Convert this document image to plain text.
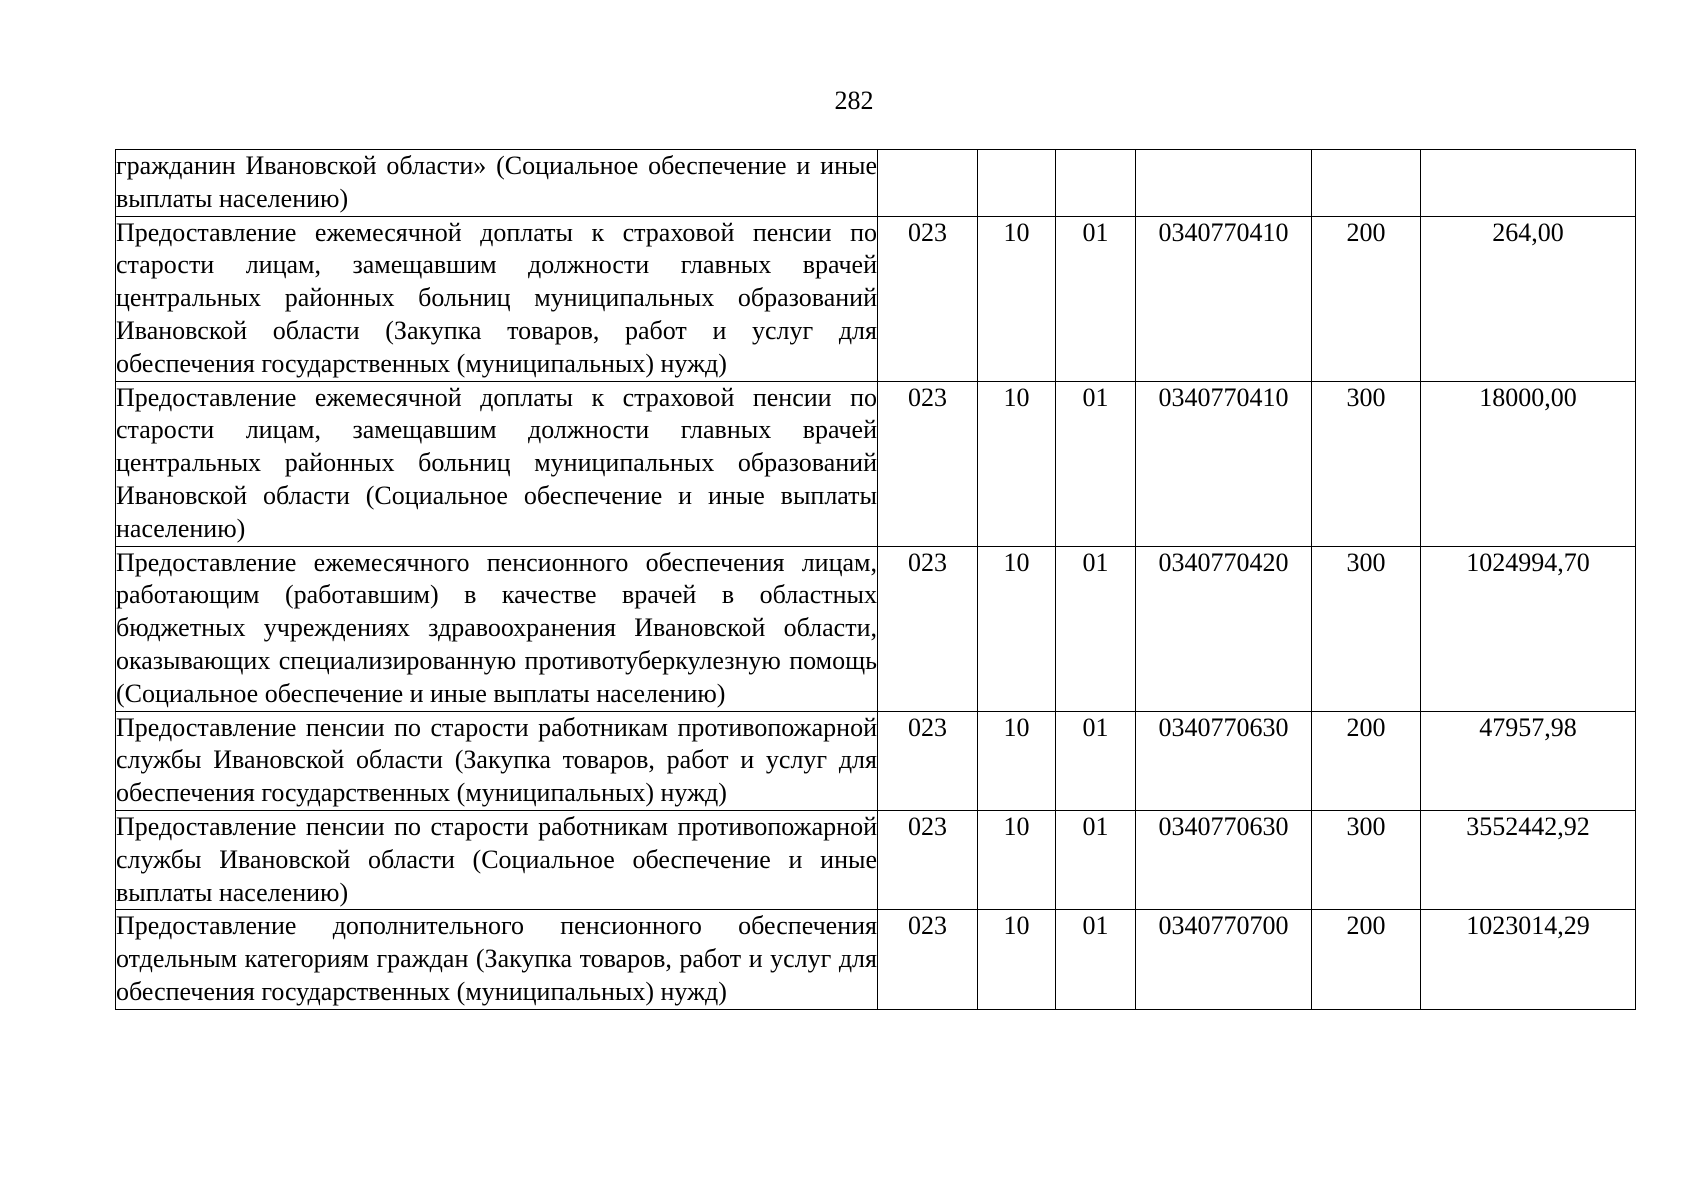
282
гражданин Ивановской области» (Социальное обеспечение и иные выплаты населению)						
Предоставление ежемесячной доплаты к страховой пенсии по старости лицам, замещавшим должности главных врачей центральных районных больниц муниципальных образований Ивановской области (Закупка товаров, работ и услуг для обеспечения государственных (муниципальных) нужд)	023	10	01	0340770410	200	264,00
Предоставление ежемесячной доплаты к страховой пенсии по старости лицам, замещавшим должности главных врачей центральных районных больниц муниципальных образований Ивановской области (Социальное обеспечение и иные выплаты населению)	023	10	01	0340770410	300	18000,00
Предоставление ежемесячного пенсионного обеспечения лицам, работающим (работавшим) в качестве врачей в областных бюджетных учреждениях здравоохранения Ивановской области, оказывающих специализированную противотуберкулезную помощь (Социальное обеспечение и иные выплаты населению)	023	10	01	0340770420	300	1024994,70
Предоставление пенсии по старости работникам противопожарной службы Ивановской области (Закупка товаров, работ и услуг для обеспечения государственных (муниципальных) нужд)	023	10	01	0340770630	200	47957,98
Предоставление пенсии по старости работникам противопожарной службы Ивановской области (Социальное обеспечение и иные выплаты населению)	023	10	01	0340770630	300	3552442,92
Предоставление дополнительного пенсионного обеспечения отдельным категориям граждан (Закупка товаров, работ и услуг для обеспечения государственных (муниципальных) нужд)	023	10	01	0340770700	200	1023014,29
